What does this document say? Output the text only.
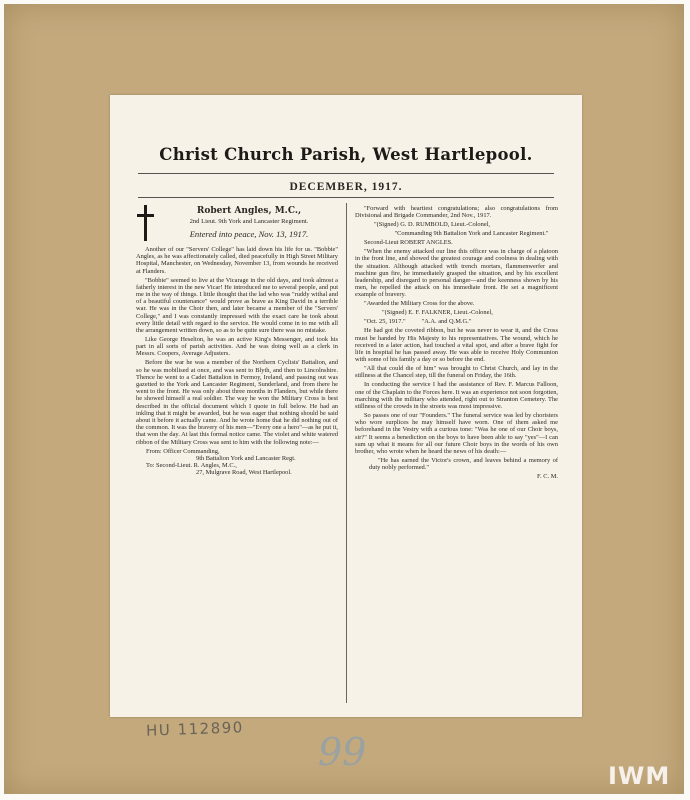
Christ Church Parish, West Hartlepool.
DECEMBER, 1917.
Robert Angles, M.C.,
2nd Lieut. 9th York and Lancaster Regiment.
Entered into peace, Nov. 13, 1917.

Another of our "Servers' College" has laid down his life for us. "Bobbie" Angles, as he was affectionately called, died peacefully in High Street Military Hospital, Manchester, on Wednesday, November 13, from wounds he received at Flanders.

"Bobbie" seemed to live at the Vicarage in the old days, and took almost a fatherly interest in the new Vicar! He introduced me to several people, and put me in the way of things. I little thought that the lad who was "ruddy withal and of a beautiful countenance" would prove as brave as King David in a terrible war. He was in the Choir then, and later became a member of the "Servers' College," and I was constantly impressed with the exact care he took about every little detail with regard to the service. He would come in to me with all the arrangement written down, so as to be quite sure there was no mistake.

Like George Heselton, he was an active King's Messenger, and took his part in all sorts of parish activities. And he was doing well as a clerk in Messrs. Coopers, Average Adjusters.

Before the war he was a member of the Northern Cyclists' Battalion, and so he was mobilised at once, and was sent to Blyth, and then to Lincolnshire. Thence he went to a Cadet Battalion in Fermoy, Ireland, and passing out was gazetted to the York and Lancaster Regiment, Sunderland, and from there he went to the front. He was only about three months in Flanders, but while there he showed himself a real soldier. The way he won the Military Cross is best described in the official document which I quote in full below. He had an inkling that it might be awarded, but he was eager that nothing should be said about it before it actually came. And he wrote home that he did nothing out of the common. It was the bravery of his men—"Every one a hero"—as he put it, that won the day. At last this formal notice came. The violet and white watered ribbon of the Military Cross was sent to him with the following note:—

From: Officer Commanding,
9th Battalion York and Lancaster Regt.
To: Second-Lieut. R. Angles, M.C.,
27, Mulgrave Road, West Hartlepool.

"Forward with heartiest congratulations; also congratulations from Divisional and Brigade Commander, 2nd Nov., 1917.

"(Signed) G. D. RUMBOLD, Lieut.-Colonel,

"Commanding 9th Battalion York and Lancaster Regiment."

Second-Lieut ROBERT ANGLES.

"When the enemy attacked our line this officer was in charge of a platoon in the front line, and showed the greatest courage and coolness in dealing with the situation. Although attacked with trench mortars, flammenwerfer and machine gun fire, he immediately grasped the situation, and by his excellent leadership, and disregard to personal danger—and the keenness shown by his men, he repelled the attack on his immediate front. He set a magnificent example of bravery.

"Awarded the Military Cross for the above.

"(Signed) E. F. FALKNER, Lieut.-Colonel,

"Oct. 25, 1917."          "A.A. and Q.M.G."

He had got the coveted ribbon, but he was never to wear it, and the Cross must be handed by His Majesty to his representatives. The wound, which he received in a later action, had touched a vital spot, and after a brave fight for life in hospital he has passed away. He was able to receive Holy Communion with some of his family a day or so before the end.

"All that could die of him" was brought to Christ Church, and lay in the stillness at the Chancel step, till the funeral on Friday, the 16th.

In conducting the service I had the assistance of Rev. F. Marcus Falloon, one of the Chaplain to the Forces here. It was an experience not soon forgotten, marching with the military who attended, right out to Stranton Cemetery. The stillness of the crowds in the streets was most impressive.

So passes one of our "Founders." The funeral service was led by choristers who wore surplices he may himself have worn. One of them asked me beforehand in the Vestry with a curious tone: "Was he one of our Choir boys, sir?" It seems a benediction on the boys to have been able to say "yes"—I can sum up what it means for all our future Choir boys in the words of his own brother, who wrote when he heard the news of his death:—

"He has earned the Victor's crown, and leaves behind a memory of duty nobly performed."

F. C. M.
HU 112890
99
IWM
